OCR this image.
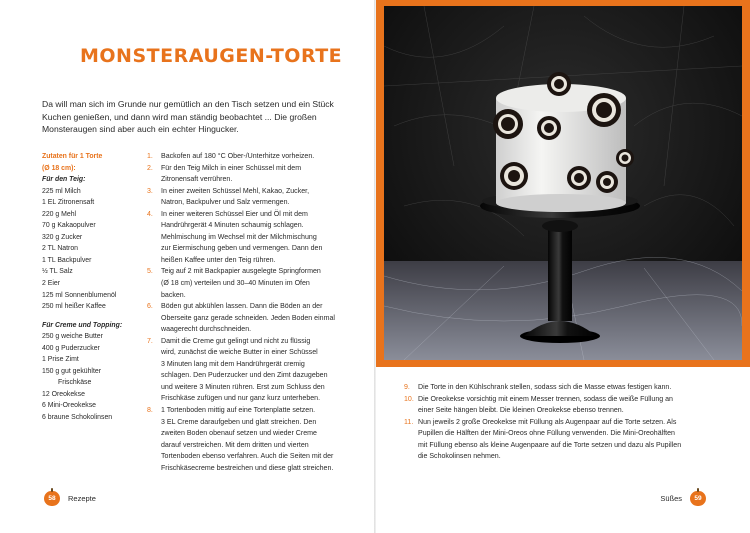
MONSTERAUGEN-TORTE

Da will man sich im Grunde nur gemütlich an den Tisch setzen und ein Stück Kuchen genießen, und dann wird man ständig beobachtet ... Die großen Monsteraugen sind aber auch ein echter Hingucker.

Zutaten für 1 Torte
(Ø 18 cm):
Für den Teig:
225 ml Milch
1 EL Zitronensaft
220 g Mehl
70 g Kakaopulver
320 g Zucker
2 TL Natron
1 TL Backpulver
½ TL Salz
2 Eier
125 ml Sonnenblumenöl
250 ml heißer Kaffee
Für Creme und Topping:
250 g weiche Butter
400 g Puderzucker
1 Prise Zimt
150 g gut gekühlter
Frischkäse
12 Oreokekse
6 Mini-Oreokekse
6 braune Schokolinsen
1. Backofen auf 180 °C Ober-/Unterhitze vorheizen.
2. Für den Teig Milch in einer Schüssel mit dem
Zitronensaft verrühren.
3. In einer zweiten Schüssel Mehl, Kakao, Zucker,
Natron, Backpulver und Salz vermengen.
4. In einer weiteren Schüssel Eier und Öl mit dem
Handrührgerät 4 Minuten schaumig schlagen.
Mehlmischung im Wechsel mit der Milchmischung
zur Eiermischung geben und vermengen. Dann den
heißen Kaffee unter den Teig rühren.
5. Teig auf 2 mit Backpapier ausgelegte Springformen
(Ø 18 cm) verteilen und 30–40 Minuten im Ofen
backen.
6. Böden gut abkühlen lassen. Dann die Böden an der
Oberseite ganz gerade schneiden. Jeden Boden einmal
waagerecht durchschneiden.
7. Damit die Creme gut gelingt und nicht zu flüssig
wird, zunächst die weiche Butter in einer Schüssel
3 Minuten lang mit dem Handrührgerät cremig
schlagen. Den Puderzucker und den Zimt dazugeben
und weitere 3 Minuten rühren. Erst zum Schluss den
Frischkäse zufügen und nur ganz kurz unterheben.
8. 1 Tortenboden mittig auf eine Tortenplatte setzen.
3 EL Creme daraufgeben und glatt streichen. Den
zweiten Boden obenauf setzen und wieder Creme
darauf verstreichen. Mit dem dritten und vierten
Tortenboden ebenso verfahren. Auch die Seiten mit der
Frischkäsecreme bestreichen und diese glatt streichen.
58 Rezepte
9. Die Torte in den Kühlschrank stellen, sodass sich die Masse etwas festigen kann.
10. Die Oreokekse vorsichtig mit einem Messer trennen, sodass die weiße Füllung an
einer Seite hängen bleibt. Die kleinen Oreokekse ebenso trennen.
11. Nun jeweils 2 große Oreokekse mit Füllung als Augenpaar auf die Torte setzen. Als
Pupillen die Hälften der Mini-Oreos ohne Füllung verwenden. Die Mini-Oreohälften
mit Füllung ebenso als kleine Augenpaare auf die Torte setzen und dazu als Pupillen
die Schokolinsen nehmen.
Süßes 59
